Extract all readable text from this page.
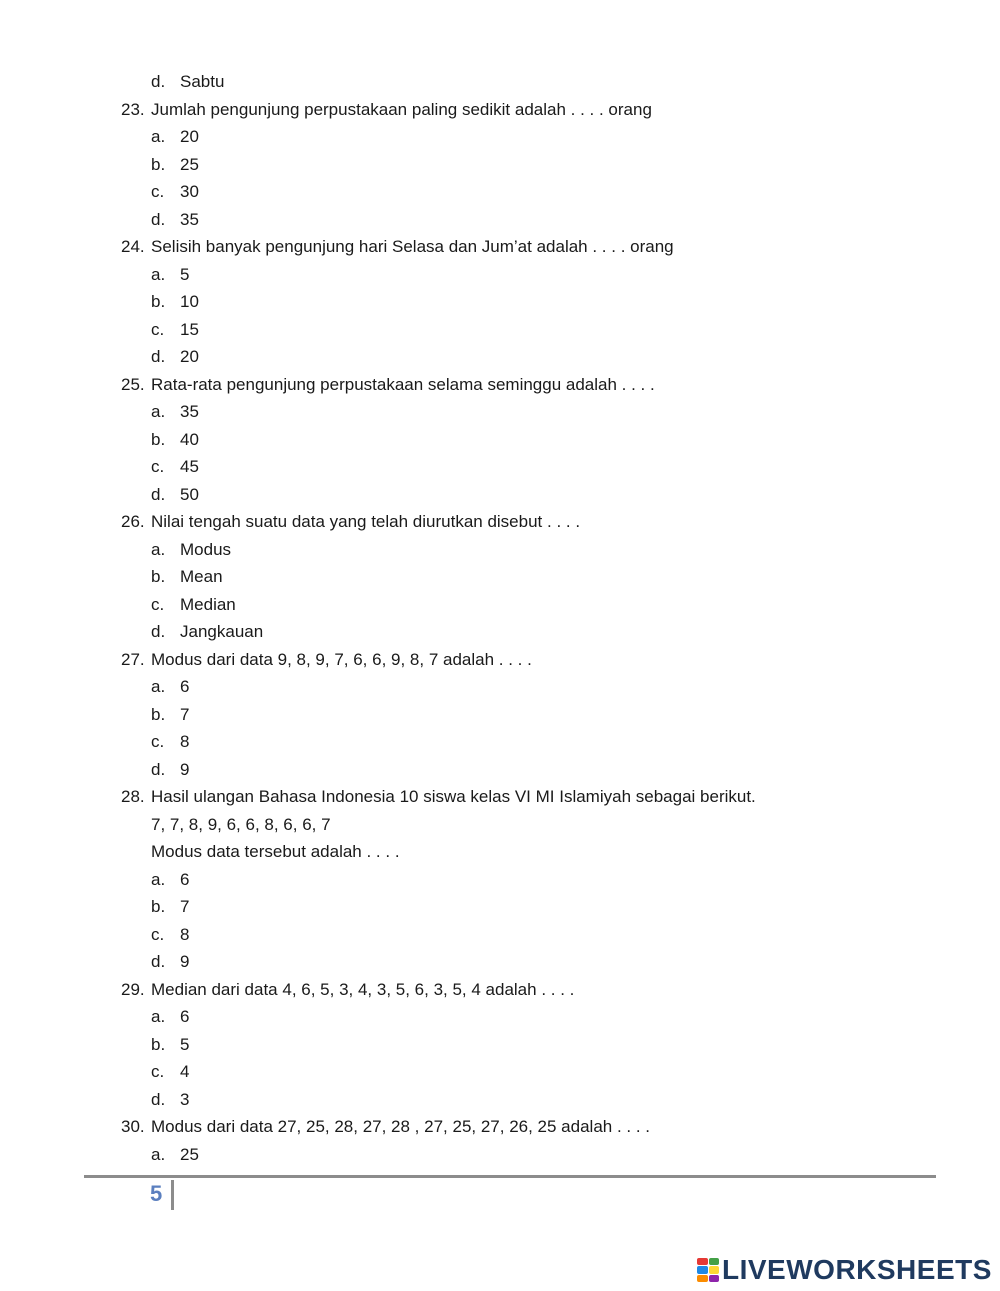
d. Sabtu
23. Jumlah pengunjung perpustakaan paling sedikit adalah . . . . orang
a. 20
b. 25
c. 30
d. 35
24. Selisih banyak pengunjung hari Selasa dan Jum’at adalah . . . . orang
a. 5
b. 10
c. 15
d. 20
25. Rata-rata pengunjung perpustakaan selama seminggu adalah . . . .
a. 35
b. 40
c. 45
d. 50
26. Nilai tengah suatu data yang telah diurutkan disebut . . . .
a. Modus
b. Mean
c. Median
d. Jangkauan
27. Modus dari data 9, 8, 9, 7, 6, 6, 9, 8, 7 adalah . . . .
a. 6
b. 7
c. 8
d. 9
28. Hasil ulangan Bahasa Indonesia 10 siswa kelas VI MI Islamiyah sebagai berikut.
7, 7, 8, 9, 6, 6, 8, 6, 6, 7
Modus data tersebut adalah . . . .
a. 6
b. 7
c. 8
d. 9
29. Median dari data 4, 6, 5, 3, 4, 3, 5, 6, 3, 5, 4 adalah . . . .
a. 6
b. 5
c. 4
d. 3
30. Modus dari data 27, 25, 28, 27, 28 , 27, 25, 27, 26, 25 adalah . . . .
a. 25
5
LIVEWORKSHEETS
